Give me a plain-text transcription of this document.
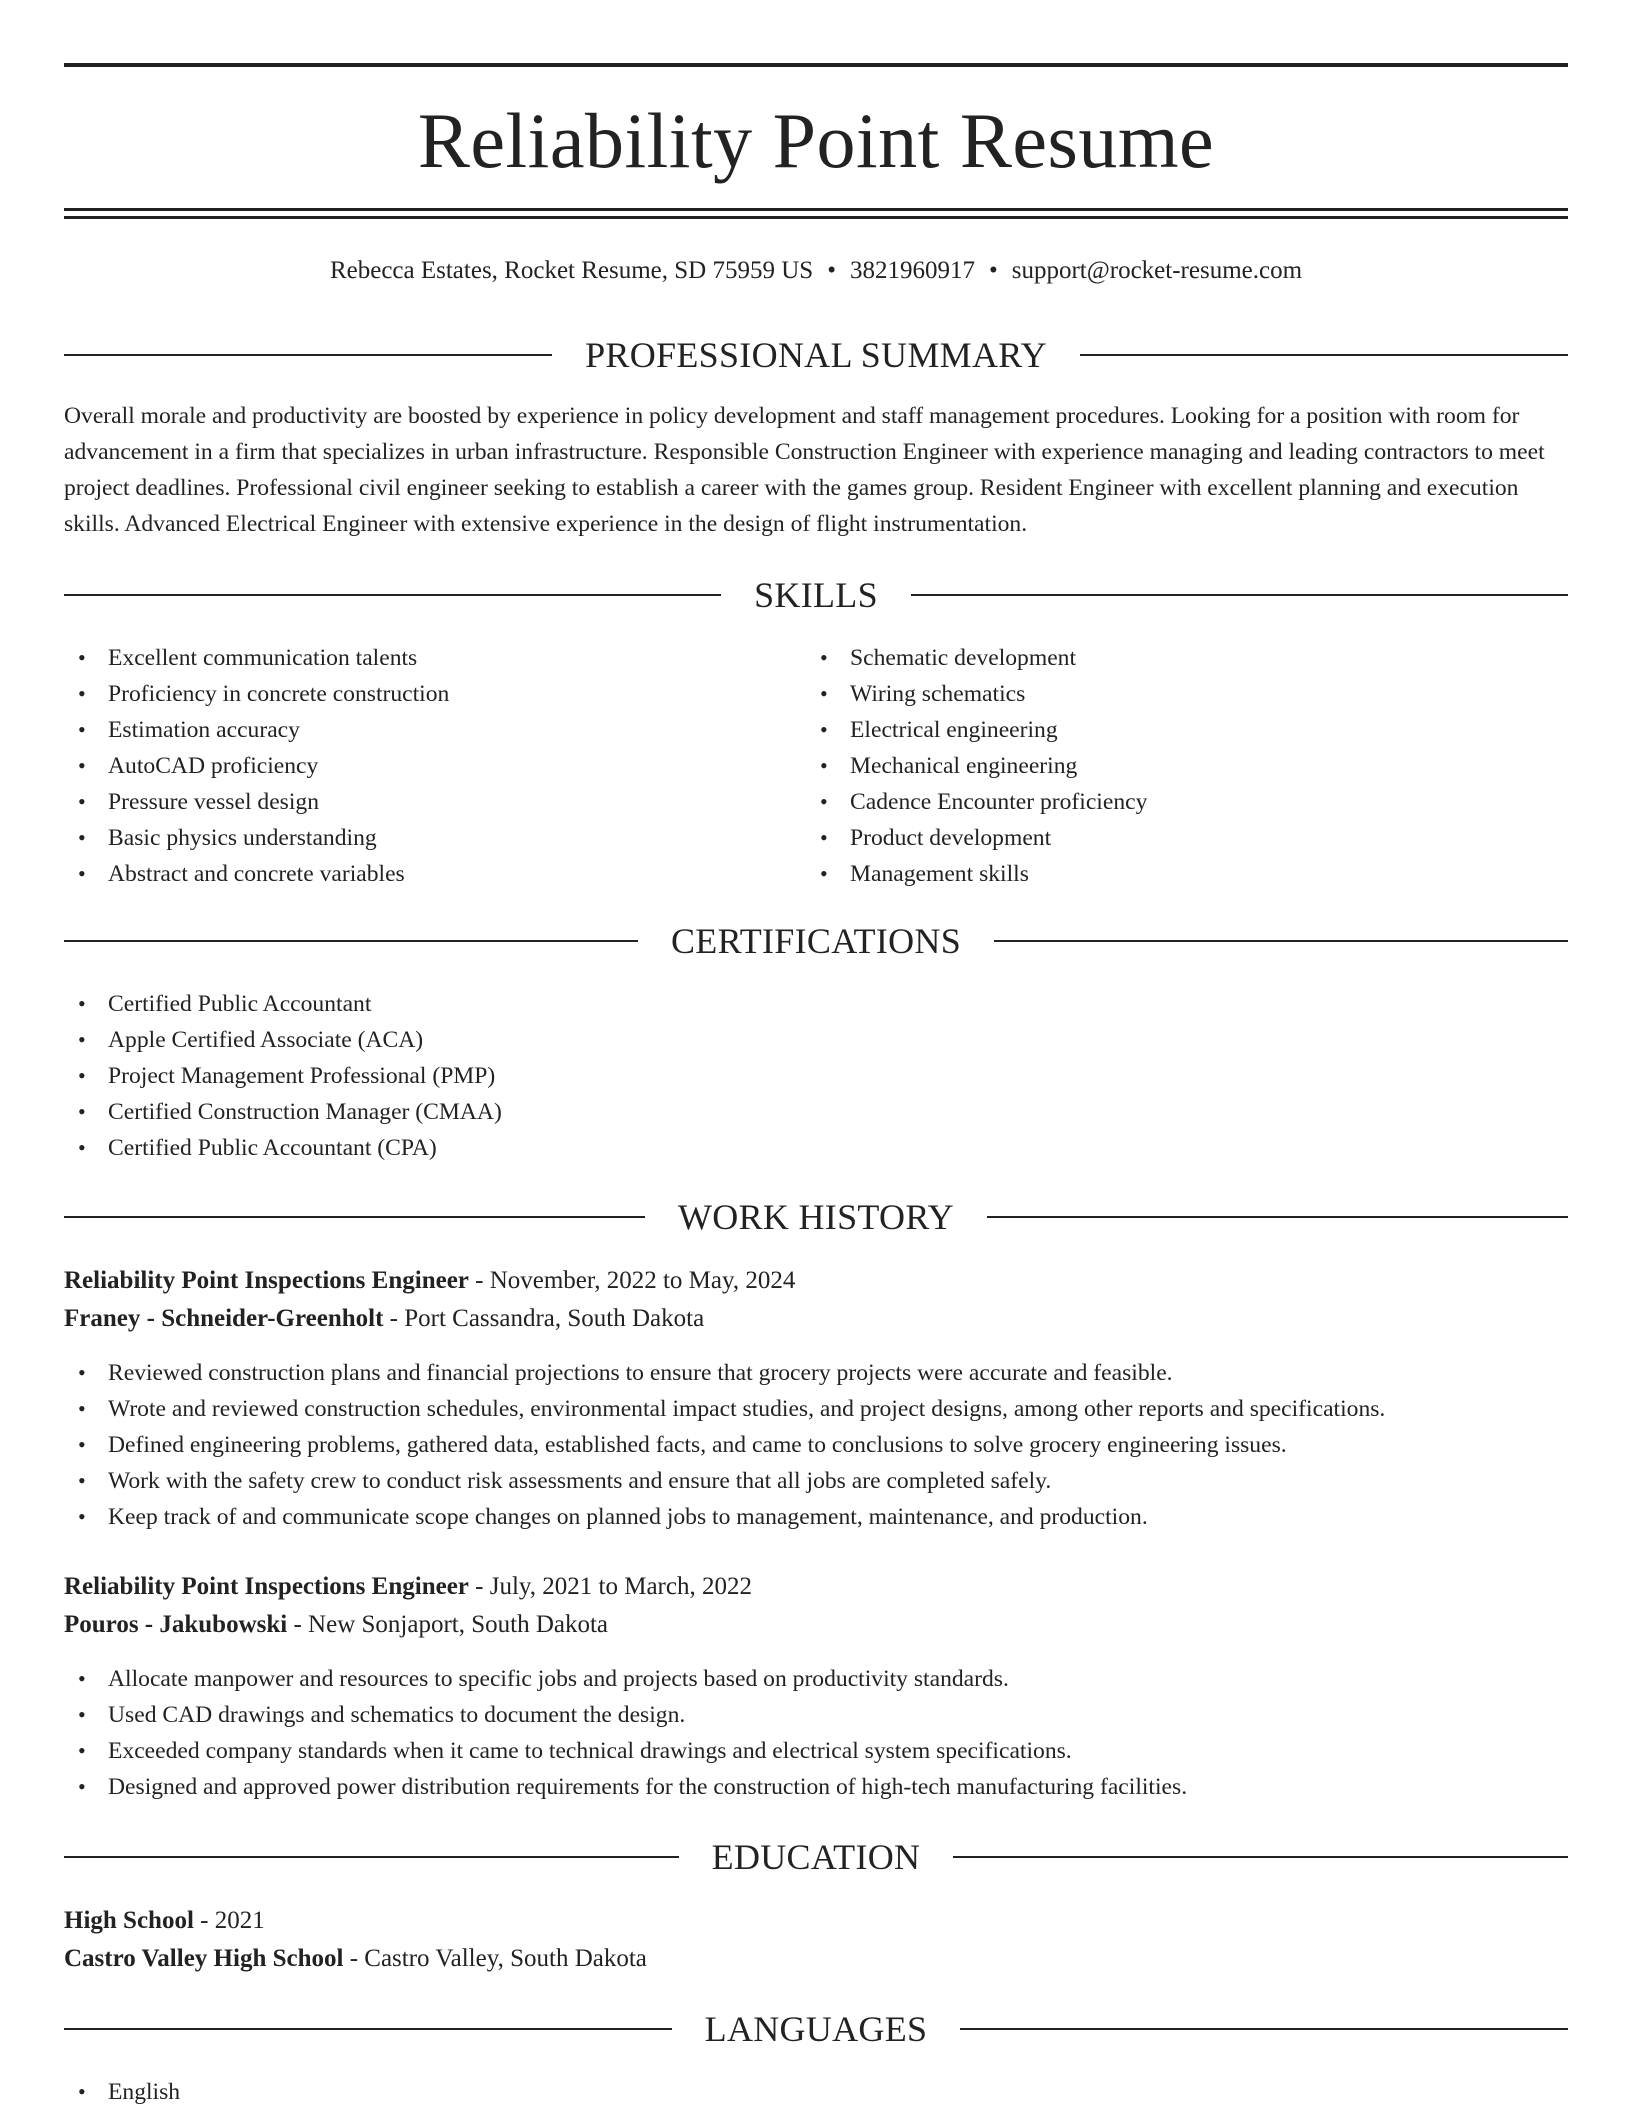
Reliability Point Resume
Rebecca Estates, Rocket Resume, SD 75959 US • 3821960917 • support@rocket-resume.com
PROFESSIONAL SUMMARY

Overall morale and productivity are boosted by experience in policy development and staff management procedures. Looking for a position with room for advancement in a firm that specializes in urban infrastructure. Responsible Construction Engineer with experience managing and leading contractors to meet project deadlines. Professional civil engineer seeking to establish a career with the games group. Resident Engineer with excellent planning and execution skills. Advanced Electrical Engineer with extensive experience in the design of flight instrumentation.

SKILLS
• Excellent communication talents
• Proficiency in concrete construction
• Estimation accuracy
• AutoCAD proficiency
• Pressure vessel design
• Basic physics understanding
• Abstract and concrete variables
• Schematic development
• Wiring schematics
• Electrical engineering
• Mechanical engineering
• Cadence Encounter proficiency
• Product development
• Management skills
CERTIFICATIONS
• Certified Public Accountant
• Apple Certified Associate (ACA)
• Project Management Professional (PMP)
• Certified Construction Manager (CMAA)
• Certified Public Accountant (CPA)
WORK HISTORY
Reliability Point Inspections Engineer - November, 2022 to May, 2024
Franey - Schneider-Greenholt - Port Cassandra, South Dakota
• Reviewed construction plans and financial projections to ensure that grocery projects were accurate and feasible.
• Wrote and reviewed construction schedules, environmental impact studies, and project designs, among other reports and specifications.
• Defined engineering problems, gathered data, established facts, and came to conclusions to solve grocery engineering issues.
• Work with the safety crew to conduct risk assessments and ensure that all jobs are completed safely.
• Keep track of and communicate scope changes on planned jobs to management, maintenance, and production.
Reliability Point Inspections Engineer - July, 2021 to March, 2022
Pouros - Jakubowski - New Sonjaport, South Dakota
• Allocate manpower and resources to specific jobs and projects based on productivity standards.
• Used CAD drawings and schematics to document the design.
• Exceeded company standards when it came to technical drawings and electrical system specifications.
• Designed and approved power distribution requirements for the construction of high-tech manufacturing facilities.
EDUCATION
High School - 2021
Castro Valley High School - Castro Valley, South Dakota
LANGUAGES
• English
